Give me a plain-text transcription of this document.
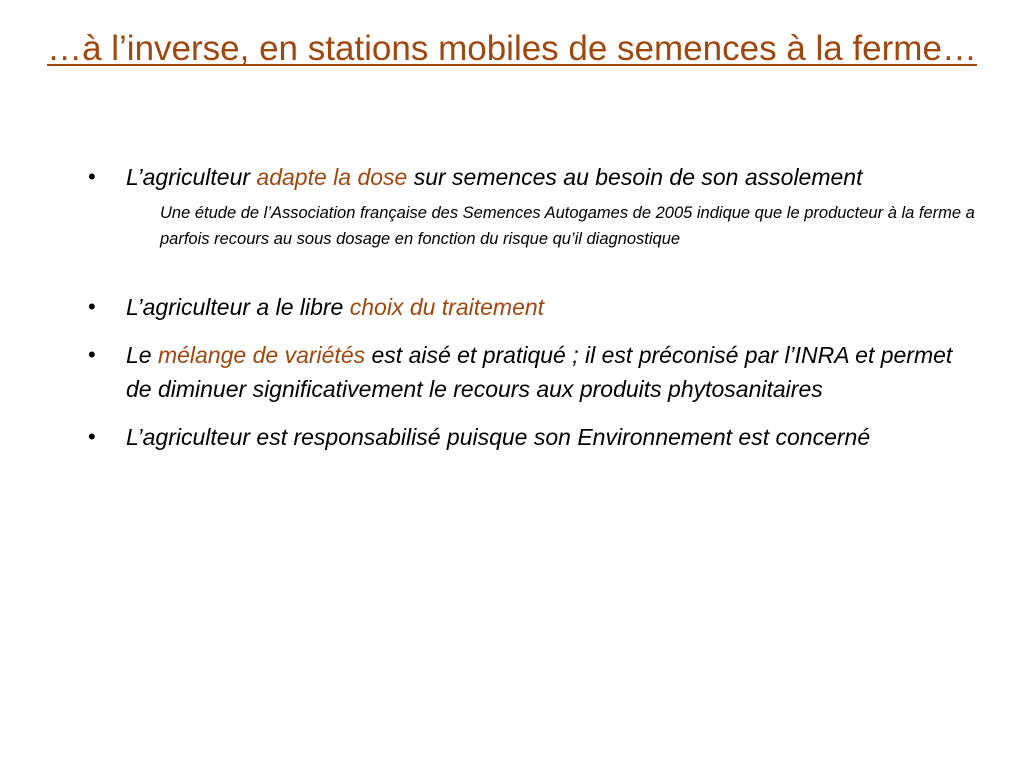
…à l’inverse, en stations mobiles de semences à la ferme…
• L’agriculteur adapte la dose sur semences au besoin de son assolement
Une étude de l’Association française des Semences Autogames de 2005 indique que le producteur à la ferme a parfois recours au sous dosage en fonction du risque qu’il diagnostique
• L’agriculteur a le libre choix du traitement
• Le mélange de variétés est aisé et pratiqué ; il est préconisé par l’INRA et permet de diminuer significativement le recours aux produits phytosanitaires
• L’agriculteur est responsabilisé puisque son Environnement est concerné
